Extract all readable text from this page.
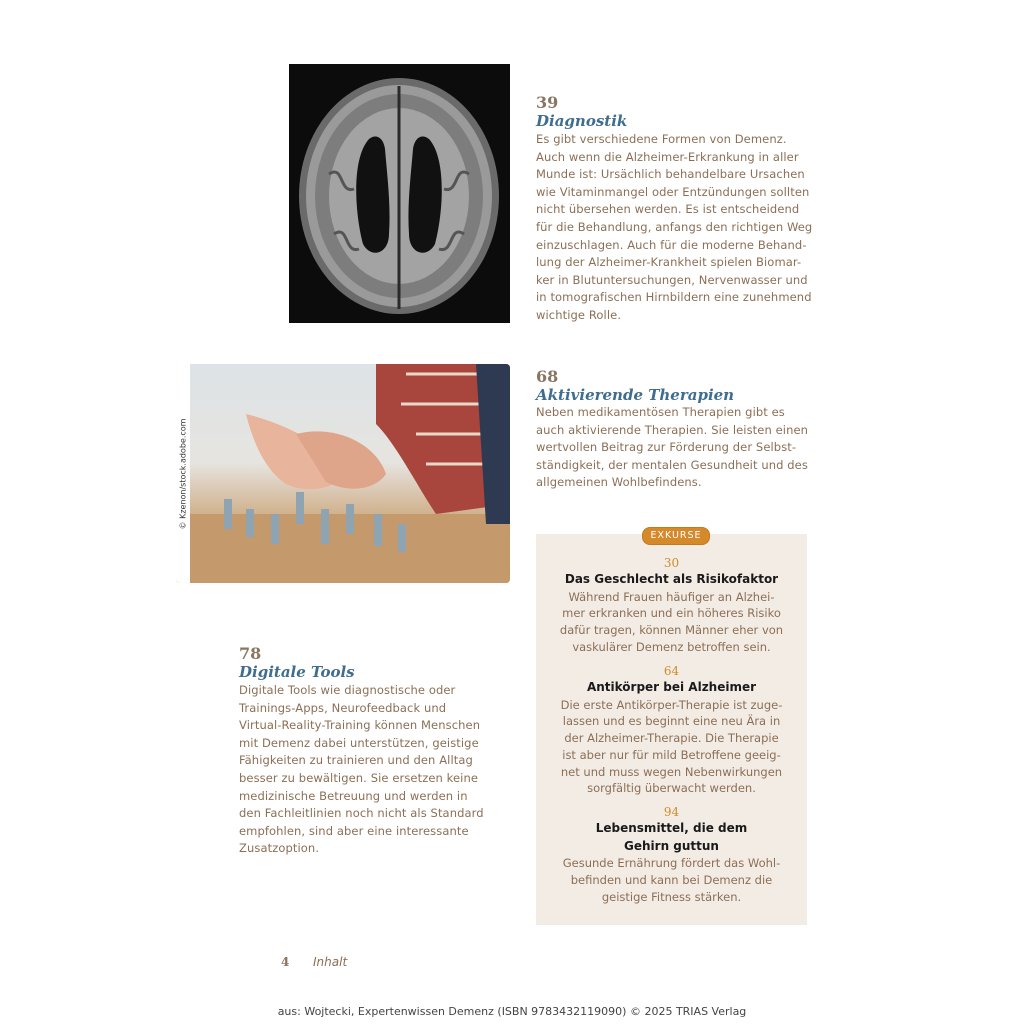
39
Diagnostik
Es gibt verschiedene Formen von Demenz.
Auch wenn die Alzheimer-Erkrankung in aller
Munde ist: Ursächlich behandelbare Ursachen
wie Vitaminmangel oder Entzündungen sollten
nicht übersehen werden. Es ist entscheidend
für die Behandlung, anfangs den richtigen Weg
einzuschlagen. Auch für die moderne Behand-
lung der Alzheimer-Krankheit spielen Biomar-
ker in Blutuntersuchungen, Nervenwasser und
in tomografischen Hirnbildern eine zunehmend
wichtige Rolle.
© Kzenon/stock.adobe.com
68
Aktivierende Therapien
Neben medikamentösen Therapien gibt es
auch aktivierende Therapien. Sie leisten einen
wertvollen Beitrag zur Förderung der Selbst-
ständigkeit, der mentalen Gesundheit und des
allgemeinen Wohlbefindens.
78
Digitale Tools
Digitale Tools wie diagnostische oder
Trainings-Apps, Neurofeedback und
Virtual-Reality-Training können Menschen
mit Demenz dabei unterstützen, geistige
Fähigkeiten zu trainieren und den Alltag
besser zu bewältigen. Sie ersetzen keine
medizinische Betreuung und werden in
den Fachleitlinien noch nicht als Standard
empfohlen, sind aber eine interessante
Zusatzoption.
EXKURSE
30
Das Geschlecht als Risikofaktor
Während Frauen häufiger an Alzhei-
mer erkranken und ein höheres Risiko
dafür tragen, können Männer eher von
vaskulärer Demenz betroffen sein.
64
Antikörper bei Alzheimer
Die erste Antikörper-Therapie ist zuge-
lassen und es beginnt eine neu Ära in
der Alzheimer-Therapie. Die Therapie
ist aber nur für mild Betroffene geeig-
net und muss wegen Nebenwirkungen
sorgfältig überwacht werden.
94
Lebensmittel, die dem
Gehirn guttun
Gesunde Ernährung fördert das Wohl-
befinden und kann bei Demenz die
geistige Fitness stärken.
4 Inhalt
aus: Wojtecki, Expertenwissen Demenz (ISBN 9783432119090) © 2025 TRIAS Verlag
